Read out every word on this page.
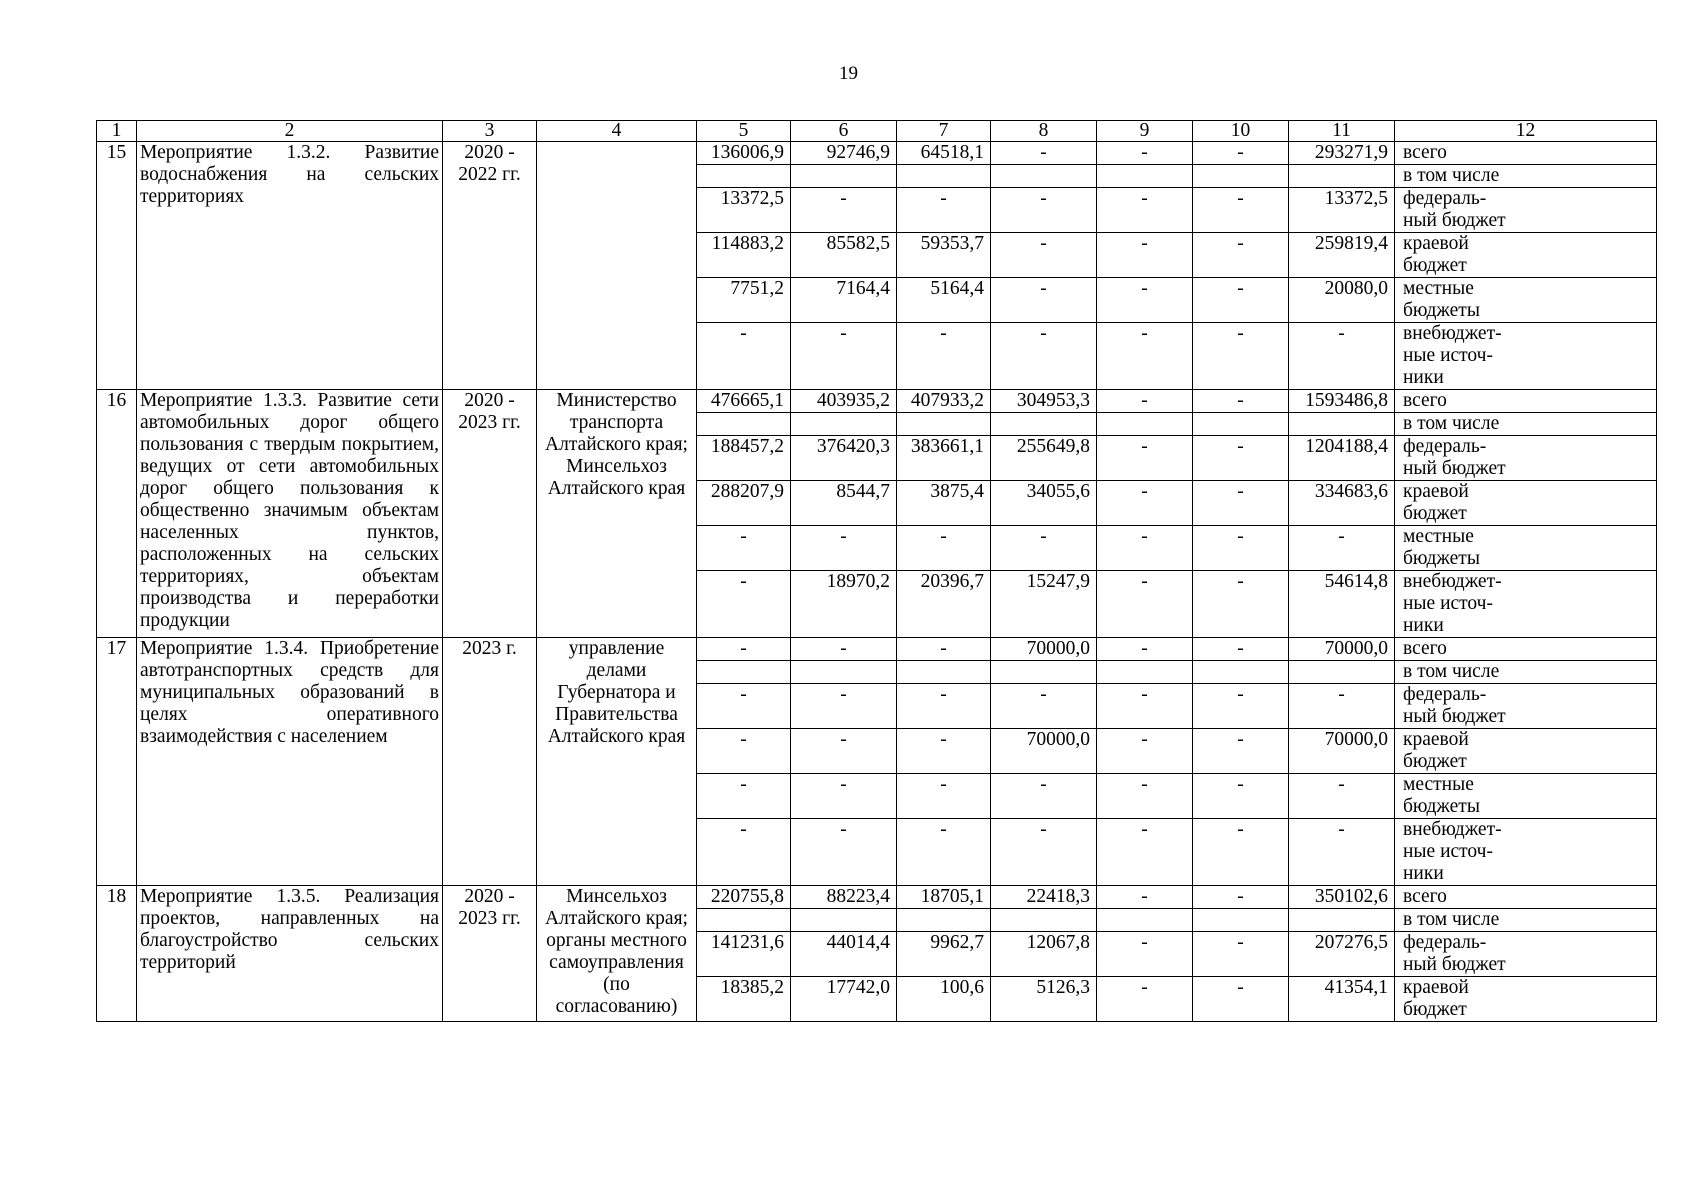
19
1	2	3	4	5	6	7	8	9	10	11	12
15	Мероприятие 1.3.2. Развитие водоснабжения на сельских территориях	2020 - 2022 гг.		136006,9	92746,9	64518,1	-	-	-	293271,9	всего
											в том числе
				13372,5	-	-	-	-	-	13372,5	федераль-
ный бюджет
				114883,2	85582,5	59353,7	-	-	-	259819,4	краевой
бюджет
				7751,2	7164,4	5164,4	-	-	-	20080,0	местные
бюджеты
				-	-	-	-	-	-	-	внебюджет-
ные источ-
ники
16	Мероприятие 1.3.3. Развитие сети автомобильных дорог общего пользования с твердым покрытием, ведущих от сети автомобильных дорог общего пользования к общественно значимым объектам населенных пунктов, расположенных на сельских территориях, объектам производства и переработки продукции	2020 - 2023 гг.	Министерство транспорта Алтайского края; Минсельхоз Алтайского края	476665,1	403935,2	407933,2	304953,3	-	-	1593486,8	всего
											в том числе
				188457,2	376420,3	383661,1	255649,8	-	-	1204188,4	федераль-
ный бюджет
				288207,9	8544,7	3875,4	34055,6	-	-	334683,6	краевой
бюджет
				-	-	-	-	-	-	-	местные
бюджеты
				-	18970,2	20396,7	15247,9	-	-	54614,8	внебюджет-
ные источ-
ники
17	Мероприятие 1.3.4. Приобретение автотранспортных средств для муниципальных образований в целях оперативного взаимодействия с населением	2023 г.	управление делами Губернатора и Правительства Алтайского края	-	-	-	70000,0	-	-	70000,0	всего
											в том числе
				-	-	-	-	-	-	-	федераль-
ный бюджет
				-	-	-	70000,0	-	-	70000,0	краевой
бюджет
				-	-	-	-	-	-	-	местные
бюджеты
				-	-	-	-	-	-	-	внебюджет-
ные источ-
ники
18	Мероприятие 1.3.5. Реализация проектов, направленных на благоустройство сельских территорий	2020 - 2023 гг.	Минсельхоз Алтайского края; органы местного самоуправления (по согласованию)	220755,8	88223,4	18705,1	22418,3	-	-	350102,6	всего
											в том числе
				141231,6	44014,4	9962,7	12067,8	-	-	207276,5	федераль-
ный бюджет
				18385,2	17742,0	100,6	5126,3	-	-	41354,1	краевой
бюджет
